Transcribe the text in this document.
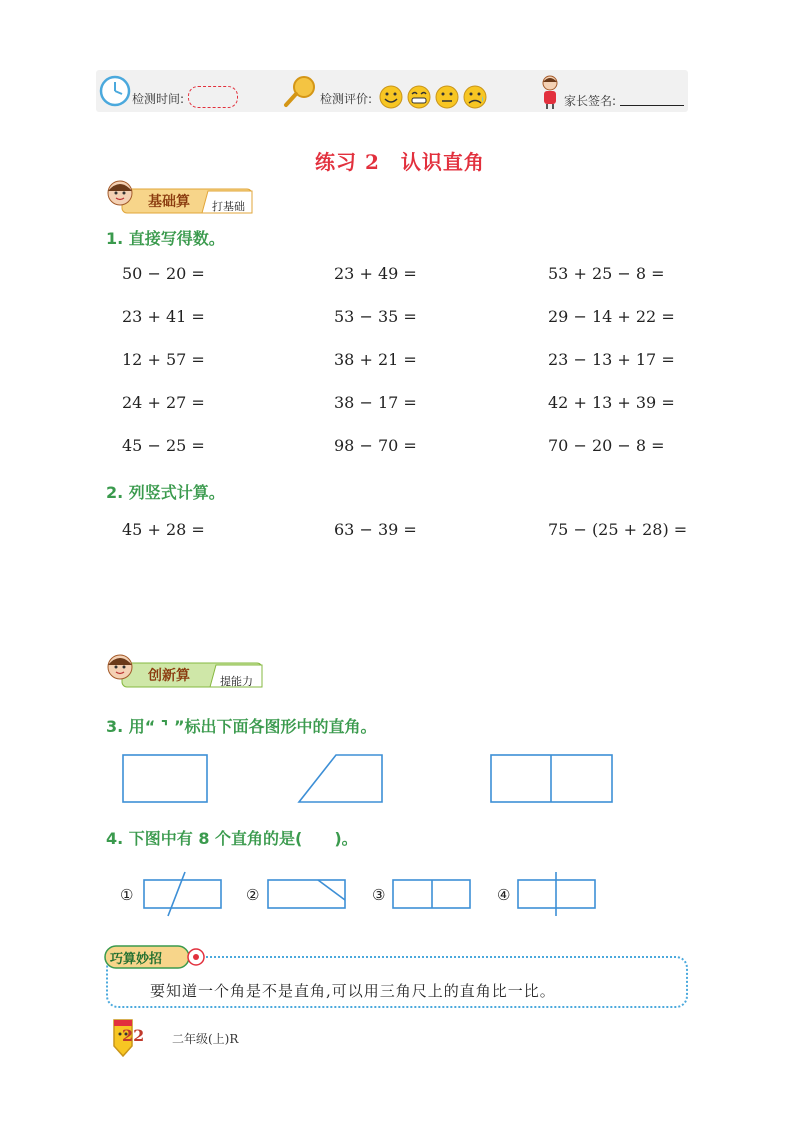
检测时间:	检测评价:	家长签名:
练习 2　认识直角
基础算 打基础
1. 直接写得数。
50 − 20 =	23 + 49 =	53 + 25 − 8 =
23 + 41 =	53 − 35 =	29 − 14 + 22 =
12 + 57 =	38 + 21 =	23 − 13 + 17 =
24 + 27 =	38 − 17 =	42 + 13 + 39 =
45 − 25 =	98 − 70 =	70 − 20 − 8 =
2. 列竖式计算。
45 + 28 =	63 − 39 =	75 − (25 + 28) =
创新算	提能力
3. 用“ ⌝ ”标出下面各图形中的直角。
4. 下图中有 8 个直角的是(　　)。
①	②	③	④
巧算妙招
要知道一个角是不是直角,可以用三角尺上的直角比一比。
22 二年级(上)R
